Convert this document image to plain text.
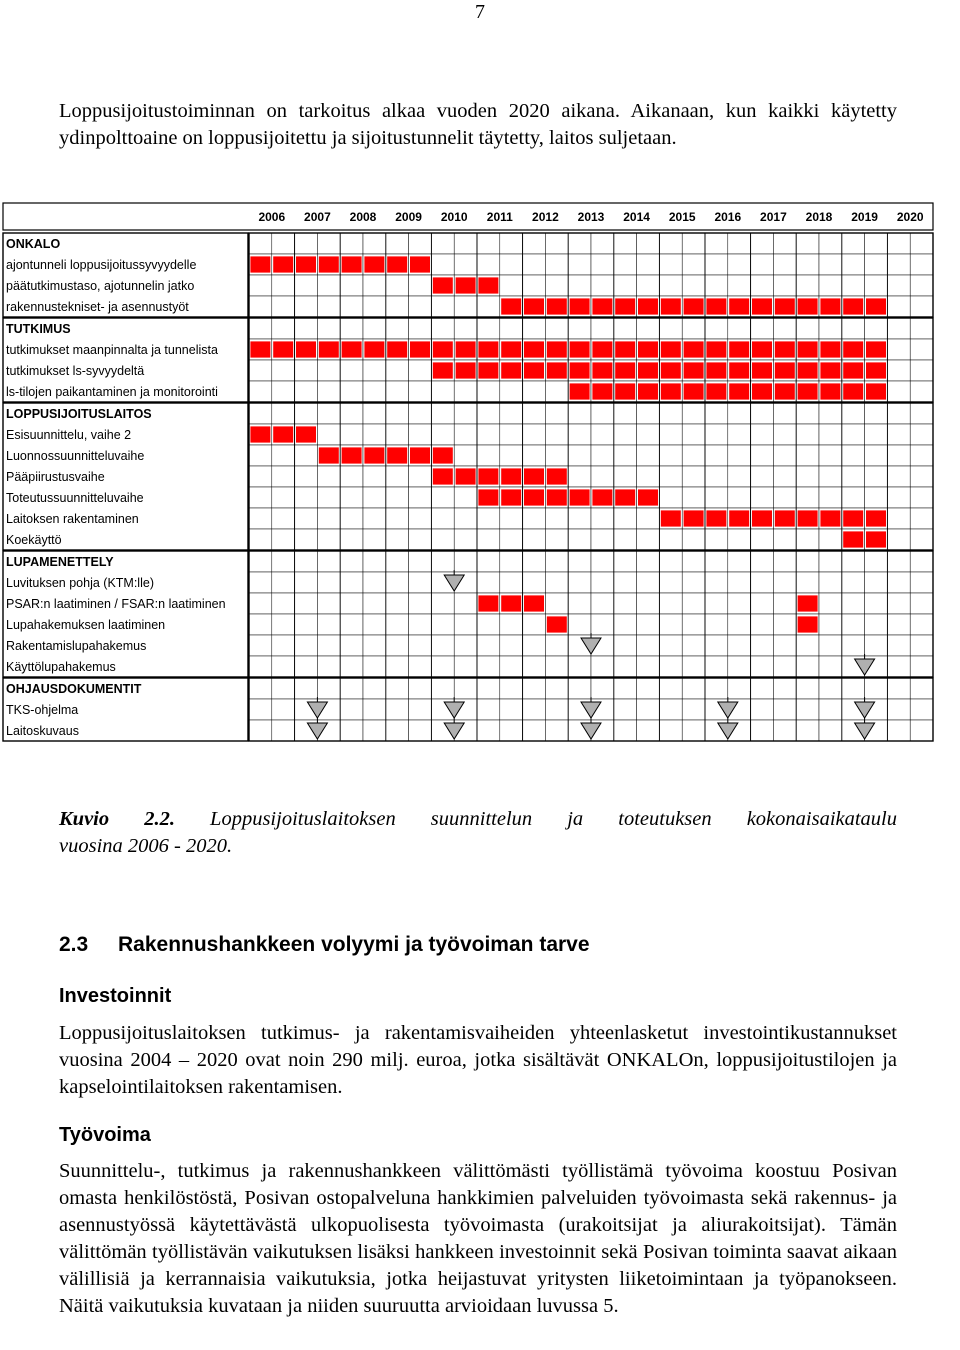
7
Loppusijoitustoiminnan on tarkoitus alkaa vuoden 2020 aikana. Aikanaan, kun kaikki käytetty ydinpolttoaine on loppusijoitettu ja sijoitustunnelit täytetty, laitos suljetaan.
2006 2007 2008 2009 2010 2011 2012 2013 2014 2015 2016 2017 2018 2019 2020
ONKALO
ajontunneli loppusijoitussyvyydelle
päätutkimustaso, ajotunnelin jatko
rakennustekniset- ja asennustyöt
TUTKIMUS
tutkimukset maanpinnalta ja tunnelista
tutkimukset ls-syvyydeltä
ls-tilojen paikantaminen ja monitorointi
LOPPUSIJOITUSLAITOS
Esisuunnittelu, vaihe 2
Luonnossuunnitteluvaihe
Pääpiirustusvaihe
Toteutussuunnitteluvaihe
Laitoksen rakentaminen
Koekäyttö
LUPAMENETTELY
Luvituksen pohja (KTM:lle)
PSAR:n laatiminen / FSAR:n laatiminen
Lupahakemuksen laatiminen
Rakentamislupahakemus
Käyttölupahakemus
OHJAUSDOKUMENTIT
TKS-ohjelma
Laitoskuvaus
Kuvio 2.2. Loppusijoituslaitoksen suunnittelun ja toteutuksen kokonaisaikataulu
vuosina 2006 - 2020.
2.3 Rakennushankkeen volyymi ja työvoiman tarve
Investoinnit
Loppusijoituslaitoksen tutkimus- ja rakentamisvaiheiden yhteenlasketut investointikustannukset vuosina 2004 – 2020 ovat noin 290 milj. euroa, jotka sisältävät ONKALOn, loppusijoitustilojen ja kapselointilaitoksen rakentamisen.
Työvoima
Suunnittelu-, tutkimus ja rakennushankkeen välittömästi työllistämä työvoima koostuu Posivan omasta henkilöstöstä, Posivan ostopalveluna hankkimien palveluiden työvoimasta sekä rakennus- ja asennustyössä käytettävästä ulkopuolisesta työvoimasta (urakoitsijat ja aliurakoitsijat). Tämän välittömän työllistävän vaikutuksen lisäksi hankkeen investoinnit sekä Posivan toiminta saavat aikaan välillisiä ja kerrannaisia vaikutuksia, jotka heijastuvat yritysten liiketoimintaan ja työpanokseen. Näitä vaikutuksia kuvataan ja niiden suuruutta arvioidaan luvussa 5.
